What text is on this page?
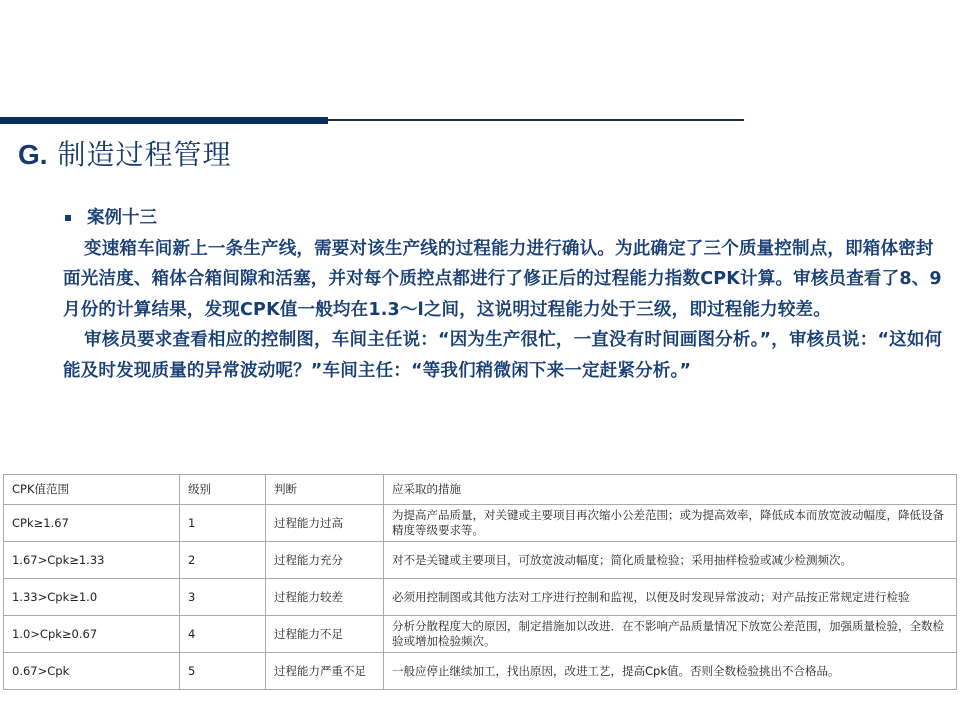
G. 制造过程管理
案例十三

变速箱车间新上一条生产线，需要对该生产线的过程能力进行确认。为此确定了三个质量控制点，即箱体密封面光洁度、箱体合箱间隙和活塞，并对每个质控点都进行了修正后的过程能力指数CPK计算。审核员查看了8、9月份的计算结果，发现CPK值一般均在1.3～l之间，这说明过程能力处于三级，即过程能力较差。

审核员要求查看相应的控制图，车间主任说：“因为生产很忙，一直没有时间画图分析。”，审核员说：“这如何能及时发现质量的异常波动呢？”车间主任：“等我们稍微闲下来一定赶紧分析。”

CPK值范围	级别	判断	应采取的措施
CPk≥1.67	1	过程能力过高	为提高产品质量，对关键或主要项目再次缩小公差范围；或为提高效率，降低成本而放宽波动幅度，降低设备精度等级要求等。
1.67>Cpk≥1.33	2	过程能力充分	对不是关键或主要项目，可放宽波动幅度；简化质量检验；采用抽样检验或减少检测频次。
1.33>Cpk≥1.0	3	过程能力较差	必须用控制图或其他方法对工序进行控制和监视，以便及时发现异常波动；对产品按正常规定进行检验
1.0>Cpk≥0.67	4	过程能力不足	分析分散程度大的原因，制定措施加以改进．在不影响产品质量情况下放宽公差范围，加强质量检验，全数检验或增加检验频次。
0.67>Cpk	5	过程能力严重不足	一般应停止继续加工，找出原因，改进工艺，提高Cpk值。否则全数检验挑出不合格品。
